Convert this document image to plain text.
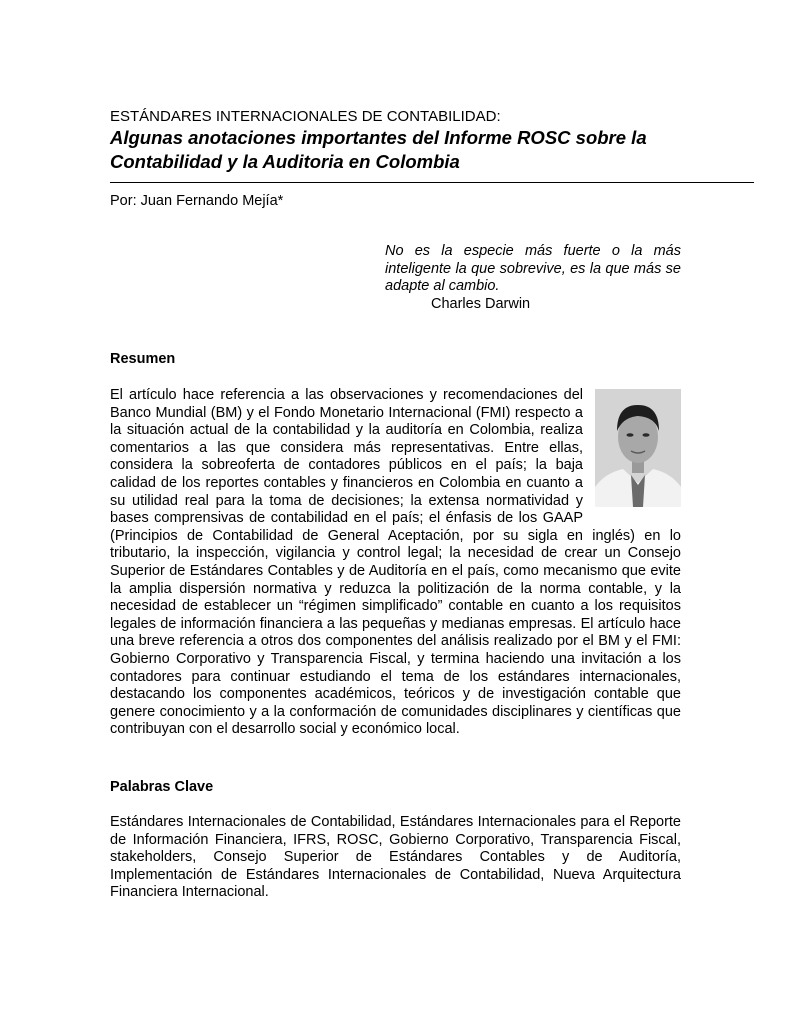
ESTÁNDARES INTERNACIONALES DE CONTABILIDAD:
Algunas anotaciones importantes del Informe ROSC sobre la Contabilidad y la Auditoria en Colombia
Por: Juan Fernando Mejía*
No es la especie más fuerte o la más inteligente la que sobrevive, es la que más se adapte al cambio.
Charles Darwin
Resumen
El artículo hace referencia a las observaciones y recomendaciones del Banco Mundial (BM) y el Fondo Monetario Internacional (FMI) respecto a la situación actual de la contabilidad y la auditoría en Colombia, realiza comentarios a las que considera más representativas. Entre ellas, considera la sobreoferta de contadores públicos en el país; la baja calidad de los reportes contables y financieros en Colombia en cuanto a su utilidad real para la toma de decisiones; la extensa normatividad y bases comprensivas de contabilidad en el país; el énfasis de los GAAP (Principios de Contabilidad de General Aceptación, por su sigla en inglés) en lo tributario, la inspección, vigilancia y control legal; la necesidad de crear un Consejo Superior de Estándares Contables y de Auditoría en el país, como mecanismo que evite la amplia dispersión normativa y reduzca la politización de la norma contable, y la necesidad de establecer un “régimen simplificado” contable en cuanto a los requisitos legales de información financiera a las pequeñas y medianas empresas. El artículo hace una breve referencia a otros dos componentes del análisis realizado por el BM y el FMI: Gobierno Corporativo y Transparencia Fiscal, y termina haciendo una invitación a los contadores para continuar estudiando el tema de los estándares internacionales, destacando los componentes académicos, teóricos y de investigación contable que genere conocimiento y a la conformación de comunidades disciplinares y científicas que contribuyan con el desarrollo social y económico local.
Palabras Clave
Estándares Internacionales de Contabilidad, Estándares Internacionales para el Reporte de Información Financiera, IFRS, ROSC, Gobierno Corporativo, Transparencia Fiscal, stakeholders, Consejo Superior de Estándares Contables y de Auditoría, Implementación de Estándares Internacionales de Contabilidad, Nueva Arquitectura Financiera Internacional.
